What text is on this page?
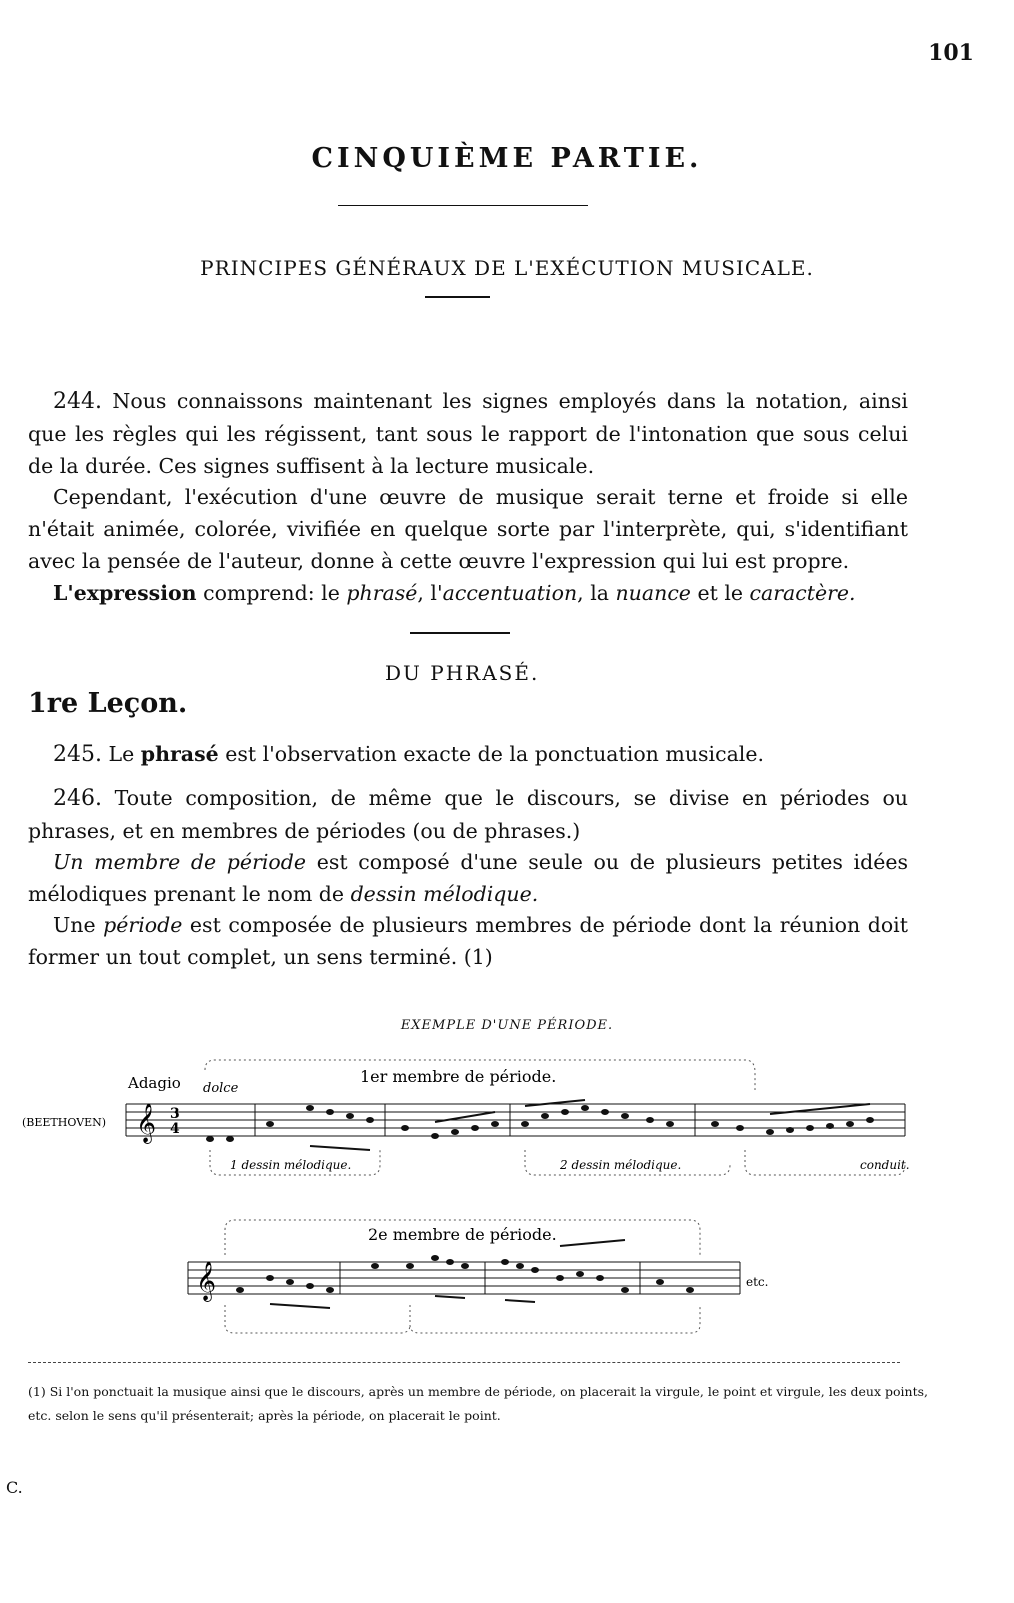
101
CINQUIÈME PARTIE.
PRINCIPES GÉNÉRAUX DE L'EXÉCUTION MUSICALE.
244. Nous connaissons maintenant les signes employés dans la notation, ainsi que les règles qui les régissent, tant sous le rapport de l'intonation que sous celui de la durée. Ces signes suffisent à la lecture musicale.
Cependant, l'exécution d'une œuvre de musique serait terne et froide si elle n'était animée, colorée, vivifiée en quelque sorte par l'interprète, qui, s'identifiant avec la pensée de l'auteur, donne à cette œuvre l'expression qui lui est propre.
L'expression comprend: le phrasé, l'accentuation, la nuance et le caractère.
DU PHRASÉ.
1re Leçon.
245. Le phrasé est l'observation exacte de la ponctuation musicale.
246. Toute composition, de même que le discours, se divise en périodes ou phrases, et en membres de périodes (ou de phrases.)
Un membre de période est composé d'une seule ou de plusieurs petites idées mélodiques prenant le nom de dessin mélodique.
Une période est composée de plusieurs membres de période dont la réunion doit former un tout complet, un sens terminé. (1)
EXEMPLE D'UNE PÉRIODE.
Adagio dolce
1er membre de période.
(BEETHOVEN) 𝄞 3
4
1 dessin mélodique.	2 dessin mélodique.	conduit.
2e membre de période.
𝄞	etc.
(1) Si l'on ponctuait la musique ainsi que le discours, après un membre de période, on placerait la virgule, le point et virgule, les deux points, etc. selon le sens qu'il présenterait; après la période, on placerait le point.
C.
